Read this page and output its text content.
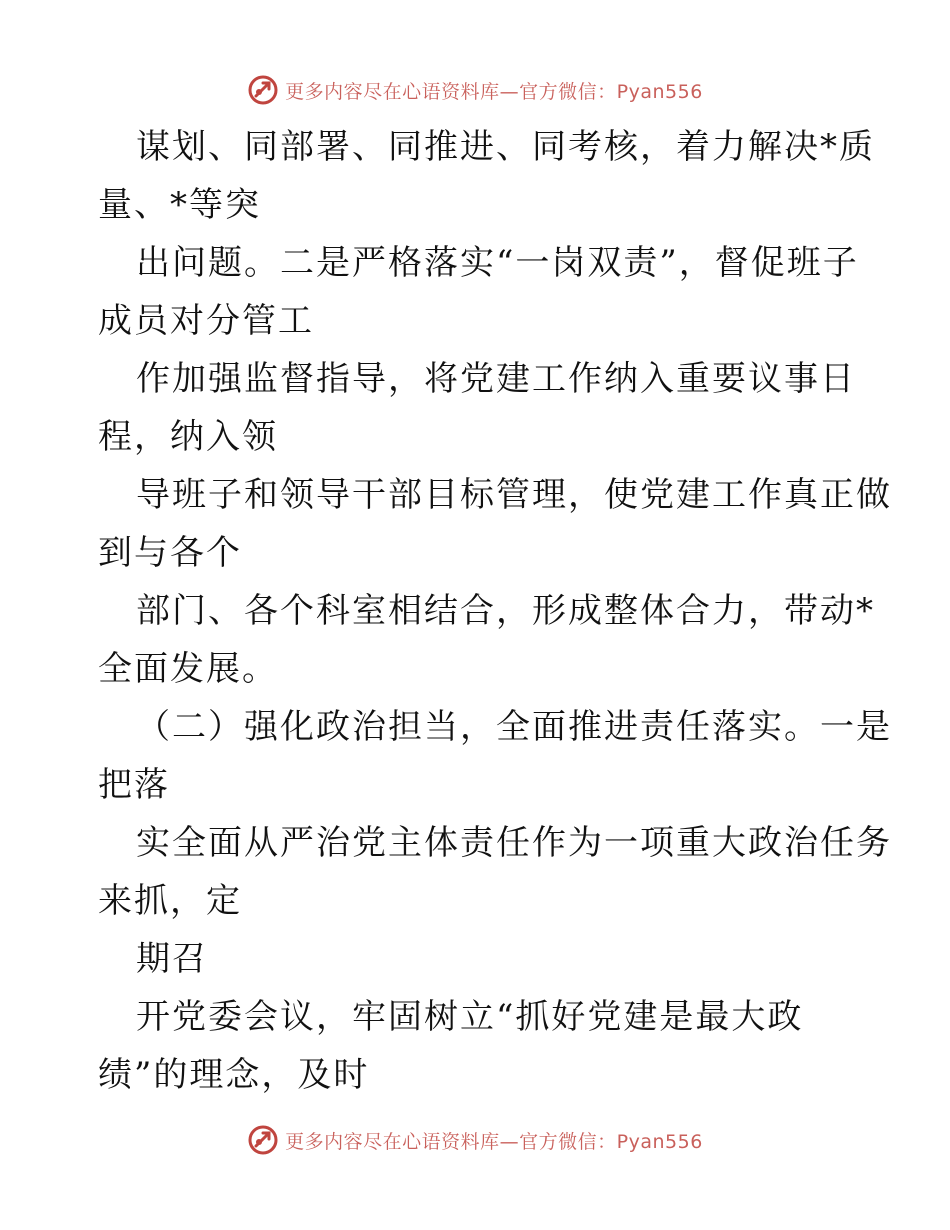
更多内容尽在心语资料库—官方微信：Pyan556
谋划、同部署、同推进、同考核，着力解决*质
量、*等突
出问题。二是严格落实“一岗双责”，督促班子
成员对分管工
作加强监督指导，将党建工作纳入重要议事日
程，纳入领
导班子和领导干部目标管理，使党建工作真正做
到与各个
部门、各个科室相结合，形成整体合力，带动*
全面发展。
（二）强化政治担当，全面推进责任落实。一是
把落
实全面从严治党主体责任作为一项重大政治任务
来抓，定
期召
开党委会议，牢固树立“抓好党建是最大政
绩”的理念，及时
更多内容尽在心语资料库—官方微信：Pyan556
